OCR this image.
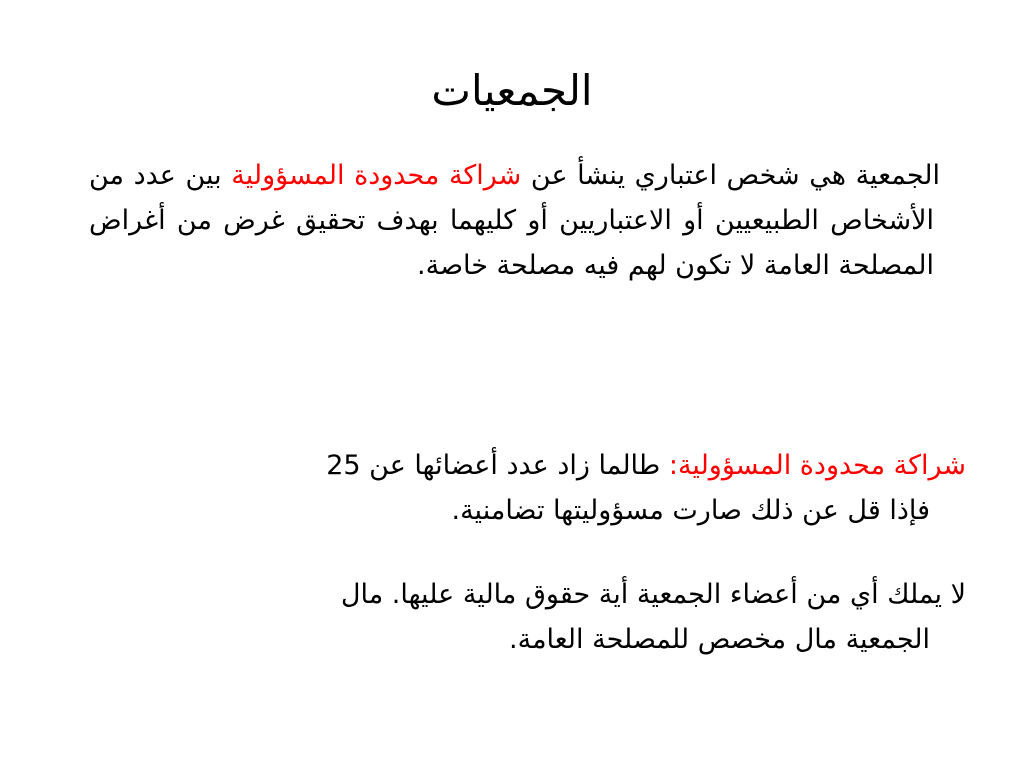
الجمعيات

الجمعية هي شخص اعتباري ينشأ عن شراكة محدودة المسؤولية بين عدد من الأشخاص الطبيعيين أو الاعتباريين أو كليهما بهدف تحقيق غرض من أغراض المصلحة العامة لا تكون لهم فيه مصلحة خاصة.

شراكة محدودة المسؤولية: طالما زاد عدد أعضائها عن 25
فإذا قل عن ذلك صارت مسؤوليتها تضامنية.

لا يملك أي من أعضاء الجمعية أية حقوق مالية عليها. مال
الجمعية مال مخصص للمصلحة العامة.
